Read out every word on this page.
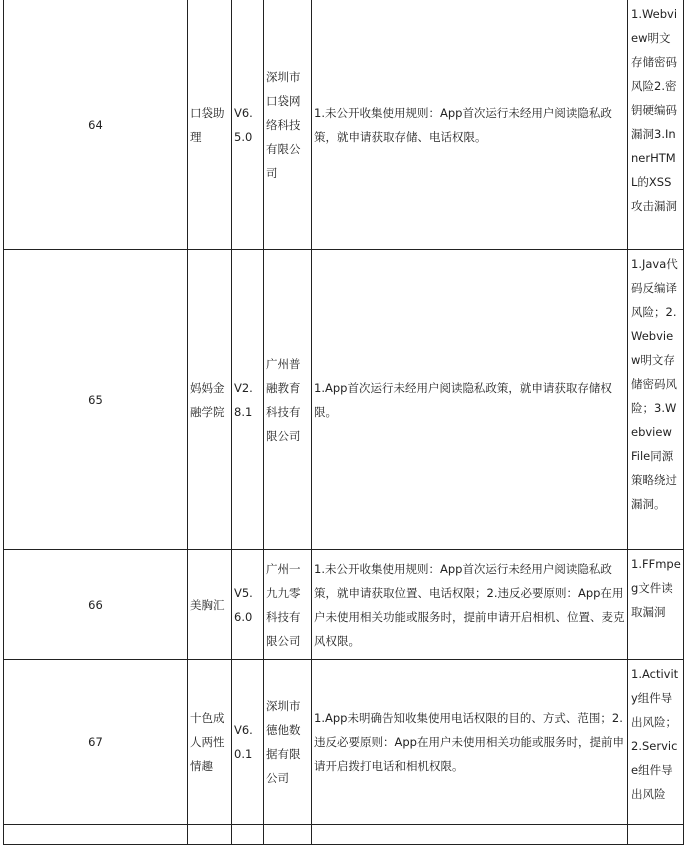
64	口袋助理	V6.5.0	深圳市口袋网络科技有限公司	1.未公开收集使用规则：App首次运行未经用户阅读隐私政策，就申请获取存储、电话权限。	1.Webview明文存储密码风险2.密钥硬编码漏洞3.InnerHTML的XSS攻击漏洞
65	妈妈金融学院	V2.8.1	广州普融教育科技有限公司	1.App首次运行未经用户阅读隐私政策，就申请获取存储权限。	1.Java代码反编译风险；2.Webview明文存储密码风险；3.Webview File同源策略绕过漏洞。
66	美胸汇	V5.6.0	广州一九九零科技有限公司	1.未公开收集使用规则：App首次运行未经用户阅读隐私政策，就申请获取位置、电话权限；2.违反必要原则：App在用户未使用相关功能或服务时，提前申请开启相机、位置、麦克风权限。	1.FFmpeg文件读取漏洞
67	十色成人两性情趣	V6.0.1	深圳市德他数据有限公司	1.App未明确告知收集使用电话权限的目的、方式、范围；2.违反必要原则：App在用户未使用相关功能或服务时，提前申请开启拨打电话和相机权限。	1.Activity组件导出风险；2.Service组件导出风险
